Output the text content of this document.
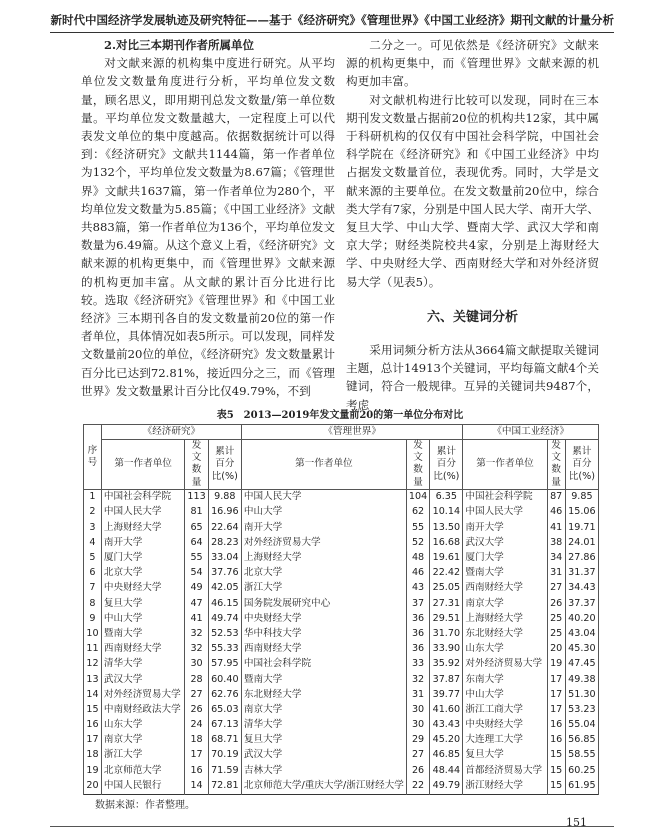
新时代中国经济学发展轨迹及研究特征——基于《经济研究》《管理世界》《中国工业经济》期刊文献的计量分析

2.对比三本期刊作者所属单位

对文献来源的机构集中度进行研究。从平均单位发文数量角度进行分析，平均单位发文数量，顾名思义，即用期刊总发文数量/第一单位数量。平均单位发文数量越大，一定程度上可以代表发文单位的集中度越高。依据数据统计可以得到：《经济研究》文献共1144篇，第一作者单位为132个，平均单位发文数量为8.67篇；《管理世界》文献共1637篇，第一作者单位为280个，平均单位发文数量为5.85篇；《中国工业经济》文献共883篇，第一作者单位为136个，平均单位发文数量为6.49篇。从这个意义上看，《经济研究》文献来源的机构更集中，而《管理世界》文献来源的机构更加丰富。从文献的累计百分比进行比较。选取《经济研究》《管理世界》和《中国工业经济》三本期刊各自的发文数量前20位的第一作者单位，具体情况如表5所示。可以发现，同样发文数量前20位的单位，《经济研究》发文数量累计百分比已达到72.81%，接近四分之三，而《管理世界》发文数量累计百分比仅49.79%，不到

二分之一。可见依然是《经济研究》文献来源的机构更集中，而《管理世界》文献来源的机构更加丰富。

对文献机构进行比较可以发现，同时在三本期刊发文数量占据前20位的机构共12家，其中属于科研机构的仅仅有中国社会科学院，中国社会科学院在《经济研究》和《中国工业经济》中均占据发文数量首位，表现优秀。同时，大学是文献来源的主要单位。在发文数量前20位中，综合类大学有7家，分别是中国人民大学、南开大学、复旦大学、中山大学、暨南大学、武汉大学和南京大学；财经类院校共4家，分别是上海财经大学、中央财经大学、西南财经大学和对外经济贸易大学（见表5）。

六、关键词分析

采用词频分析方法从3664篇文献提取关键词主题，总计14913个关键词，平均每篇文献4个关键词，符合一般规律。互异的关键词共9487个，考虑

表5　2013—2019年发文量前20的第一单位分布对比
序号	《经济研究》			《管理世界》			《中国工业经济》		
	第一作者单位	发文数量	累计百分比(%)	第一作者单位	发文数量	累计百分比(%)	第一作者单位	发文数量	累计百分比(%)
1	中国社会科学院	113	9.88	中国人民大学	104	6.35	中国社会科学院	87	9.85
2	中国人民大学	81	16.96	中山大学	62	10.14	中国人民大学	46	15.06
3	上海财经大学	65	22.64	南开大学	55	13.50	南开大学	41	19.71
4	南开大学	64	28.23	对外经济贸易大学	52	16.68	武汉大学	38	24.01
5	厦门大学	55	33.04	上海财经大学	48	19.61	厦门大学	34	27.86
6	北京大学	54	37.76	北京大学	46	22.42	暨南大学	31	31.37
7	中央财经大学	49	42.05	浙江大学	43	25.05	西南财经大学	27	34.43
8	复旦大学	47	46.15	国务院发展研究中心	37	27.31	南京大学	26	37.37
9	中山大学	41	49.74	中央财经大学	36	29.51	上海财经大学	25	40.20
10	暨南大学	32	52.53	华中科技大学	36	31.70	东北财经大学	25	43.04
11	西南财经大学	32	55.33	西南财经大学	36	33.90	山东大学	20	45.30
12	清华大学	30	57.95	中国社会科学院	33	35.92	对外经济贸易大学	19	47.45
13	武汉大学	28	60.40	暨南大学	32	37.87	东南大学	17	49.38
14	对外经济贸易大学	27	62.76	东北财经大学	31	39.77	中山大学	17	51.30
15	中南财经政法大学	26	65.03	南京大学	30	41.60	浙江工商大学	17	53.23
16	山东大学	24	67.13	清华大学	30	43.43	中央财经大学	16	55.04
17	南京大学	18	68.71	复旦大学	29	45.20	大连理工大学	16	56.85
18	浙江大学	17	70.19	武汉大学	27	46.85	复旦大学	15	58.55
19	北京师范大学	16	71.59	吉林大学	26	48.44	首都经济贸易大学	15	60.25
20	中国人民银行	14	72.81	北京师范大学/重庆大学/浙江财经大学	22	49.79	浙江财经大学	15	61.95
数据来源：作者整理。
151
